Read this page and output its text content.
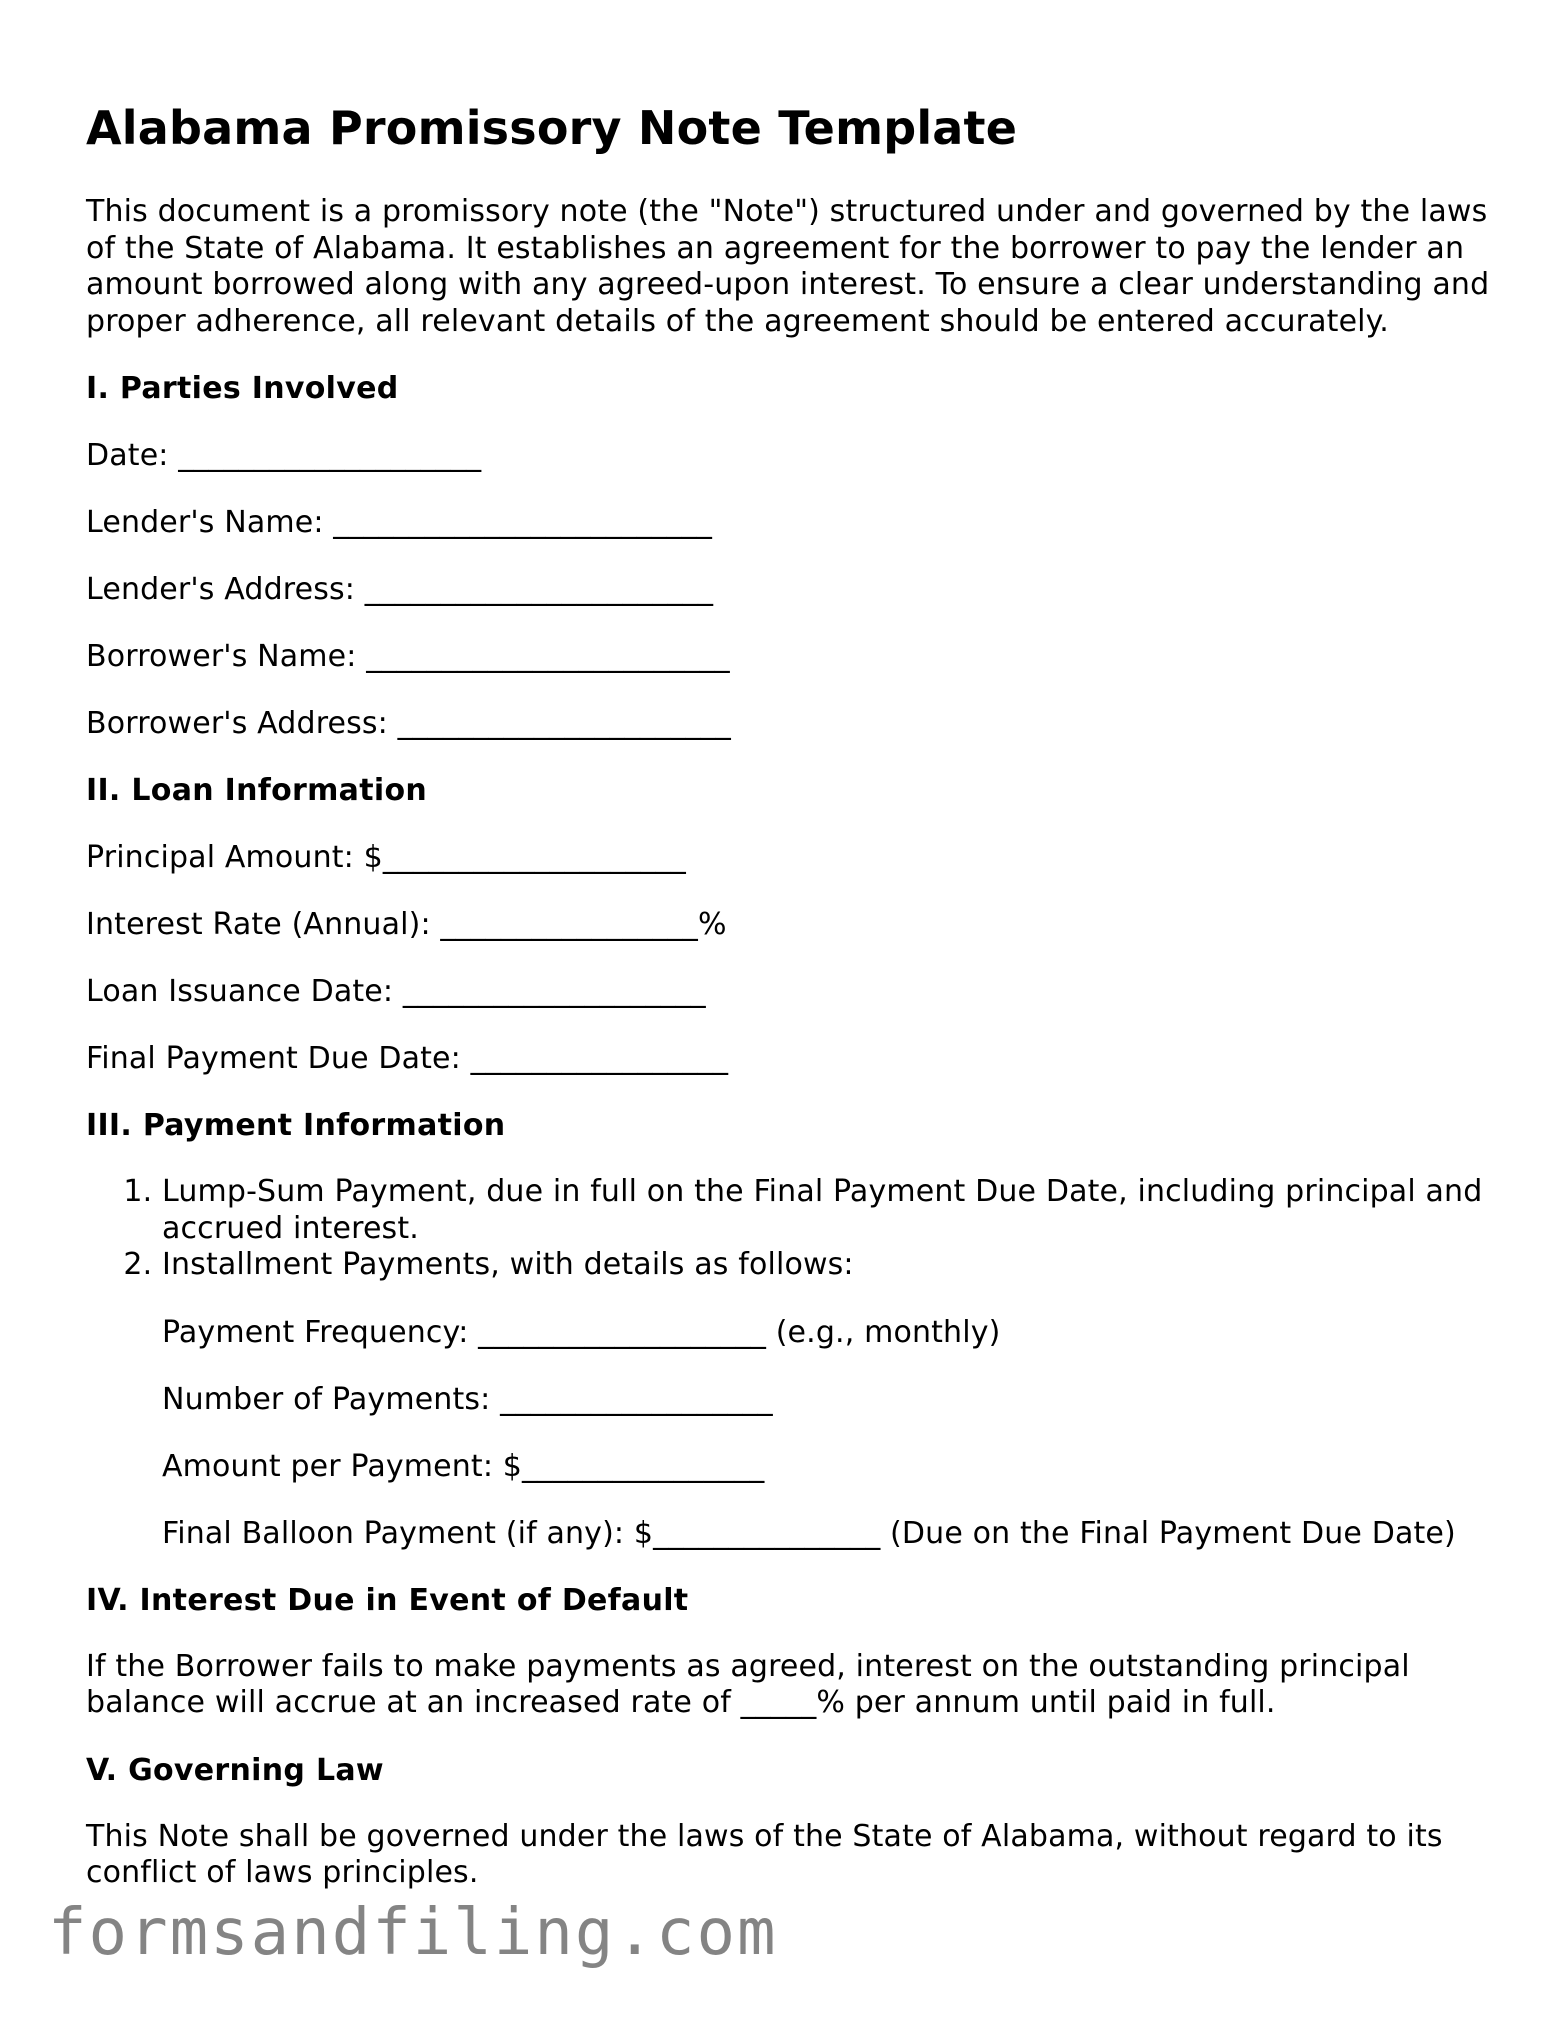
Alabama Promissory Note Template

This document is a promissory note (the "Note") structured under and governed by the laws of the State of Alabama. It establishes an agreement for the borrower to pay the lender an amount borrowed along with any agreed-upon interest. To ensure a clear understanding and proper adherence, all relevant details of the agreement should be entered accurately.

I. Parties Involved
Date: ____________________
Lender's Name: _________________________
Lender's Address: _______________________
Borrower's Name: ________________________
Borrower's Address: ______________________
II. Loan Information
Principal Amount: $____________________
Interest Rate (Annual): _________________%
Loan Issuance Date: ____________________
Final Payment Due Date: _________________
III. Payment Information
1. Lump-Sum Payment, due in full on the Final Payment Due Date, including principal and accrued interest.
2. Installment Payments, with details as follows:
Payment Frequency: ___________________ (e.g., monthly)
Number of Payments: __________________
Amount per Payment: $________________
Final Balloon Payment (if any): $_______________ (Due on the Final Payment Due Date)
IV. Interest Due in Event of Default

If the Borrower fails to make payments as agreed, interest on the outstanding principal balance will accrue at an increased rate of _____% per annum until paid in full.

V. Governing Law

This Note shall be governed under the laws of the State of Alabama, without regard to its conflict of laws principles.

formsandfiling.com
